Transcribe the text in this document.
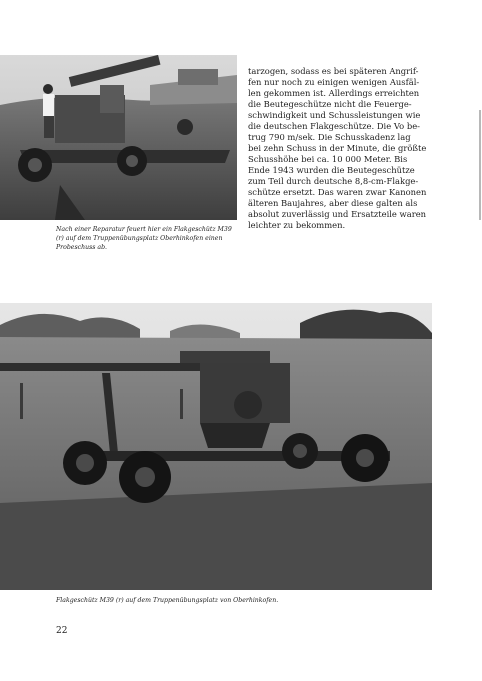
Nach einer Reparatur feuert hier ein Flakgeschütz M39 (r) auf dem Truppenübungsplatz Oberhinkofen einen Probeschuss ab.

tarzogen, sodass es bei späteren Angrif-
fen nur noch zu einigen wenigen Ausfäl-
len gekommen ist. Allerdings erreichten
die Beutegeschütze nicht die Feuerge-
schwindigkeit und Schussleistungen wie
die deutschen Flakgeschütze. Die Vo be-
trug 790 m/sek. Die Schusskadenz lag
bei zehn Schuss in der Minute, die größte
Schusshöhe bei ca. 10 000 Meter. Bis
Ende 1943 wurden die Beutegeschütze
zum Teil durch deutsche 8,8-cm-Flakge-
schütze ersetzt. Das waren zwar Kanonen
älteren Baujahres, aber diese galten als
absolut zuverlässig und Ersatzteile waren
leichter zu bekommen.

Flakgeschütz M39 (r) auf dem Truppenübungsplatz von Oberhinkofen.

22
